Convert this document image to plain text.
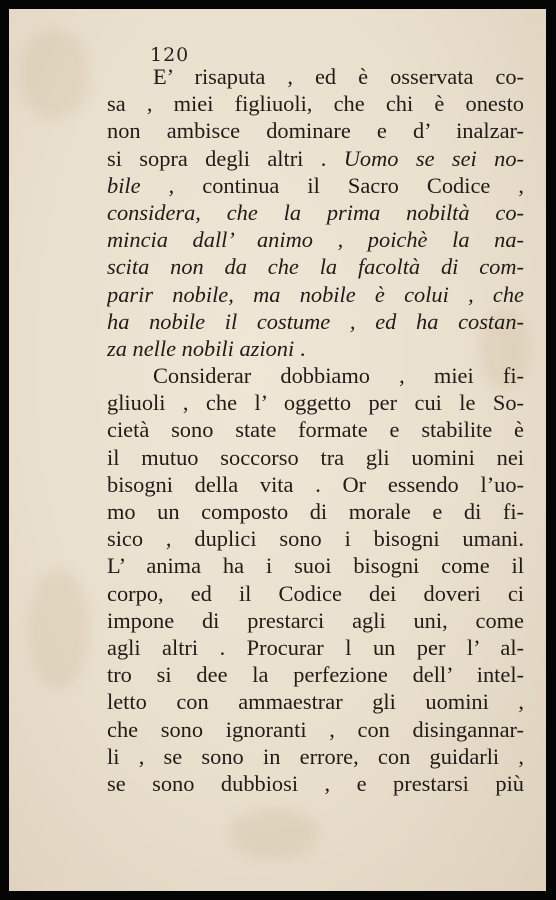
120
E’ risaputa , ed è osservata co-
sa , miei figliuoli, che chi è onesto
non ambisce dominare e d’ inalzar-
si sopra degli altri . Uomo se sei no-
bile , continua il Sacro Codice ,
considera, che la prima nobiltà co-
mincia dall’ animo , poichè la na-
scita non da che la facoltà di com-
parir nobile, ma nobile è colui , che
ha nobile il costume , ed ha costan-
za nelle nobili azioni .
Considerar dobbiamo , miei fi-
gliuoli , che l’ oggetto per cui le So-
cietà sono state formate e stabilite è
il mutuo soccorso tra gli uomini nei
bisogni della vita . Or essendo l’uo-
mo un composto di morale e di fi-
sico , duplici sono i bisogni umani.
L’ anima ha i suoi bisogni come il
corpo, ed il Codice dei doveri ci
impone di prestarci agli uni, come
agli altri . Procurar l un per l’ al-
tro si dee la perfezione dell’ intel-
letto con ammaestrar gli uomini ,
che sono ignoranti , con disingannar-
li , se sono in errore, con guidarli ,
se sono dubbiosi , e prestarsi più
